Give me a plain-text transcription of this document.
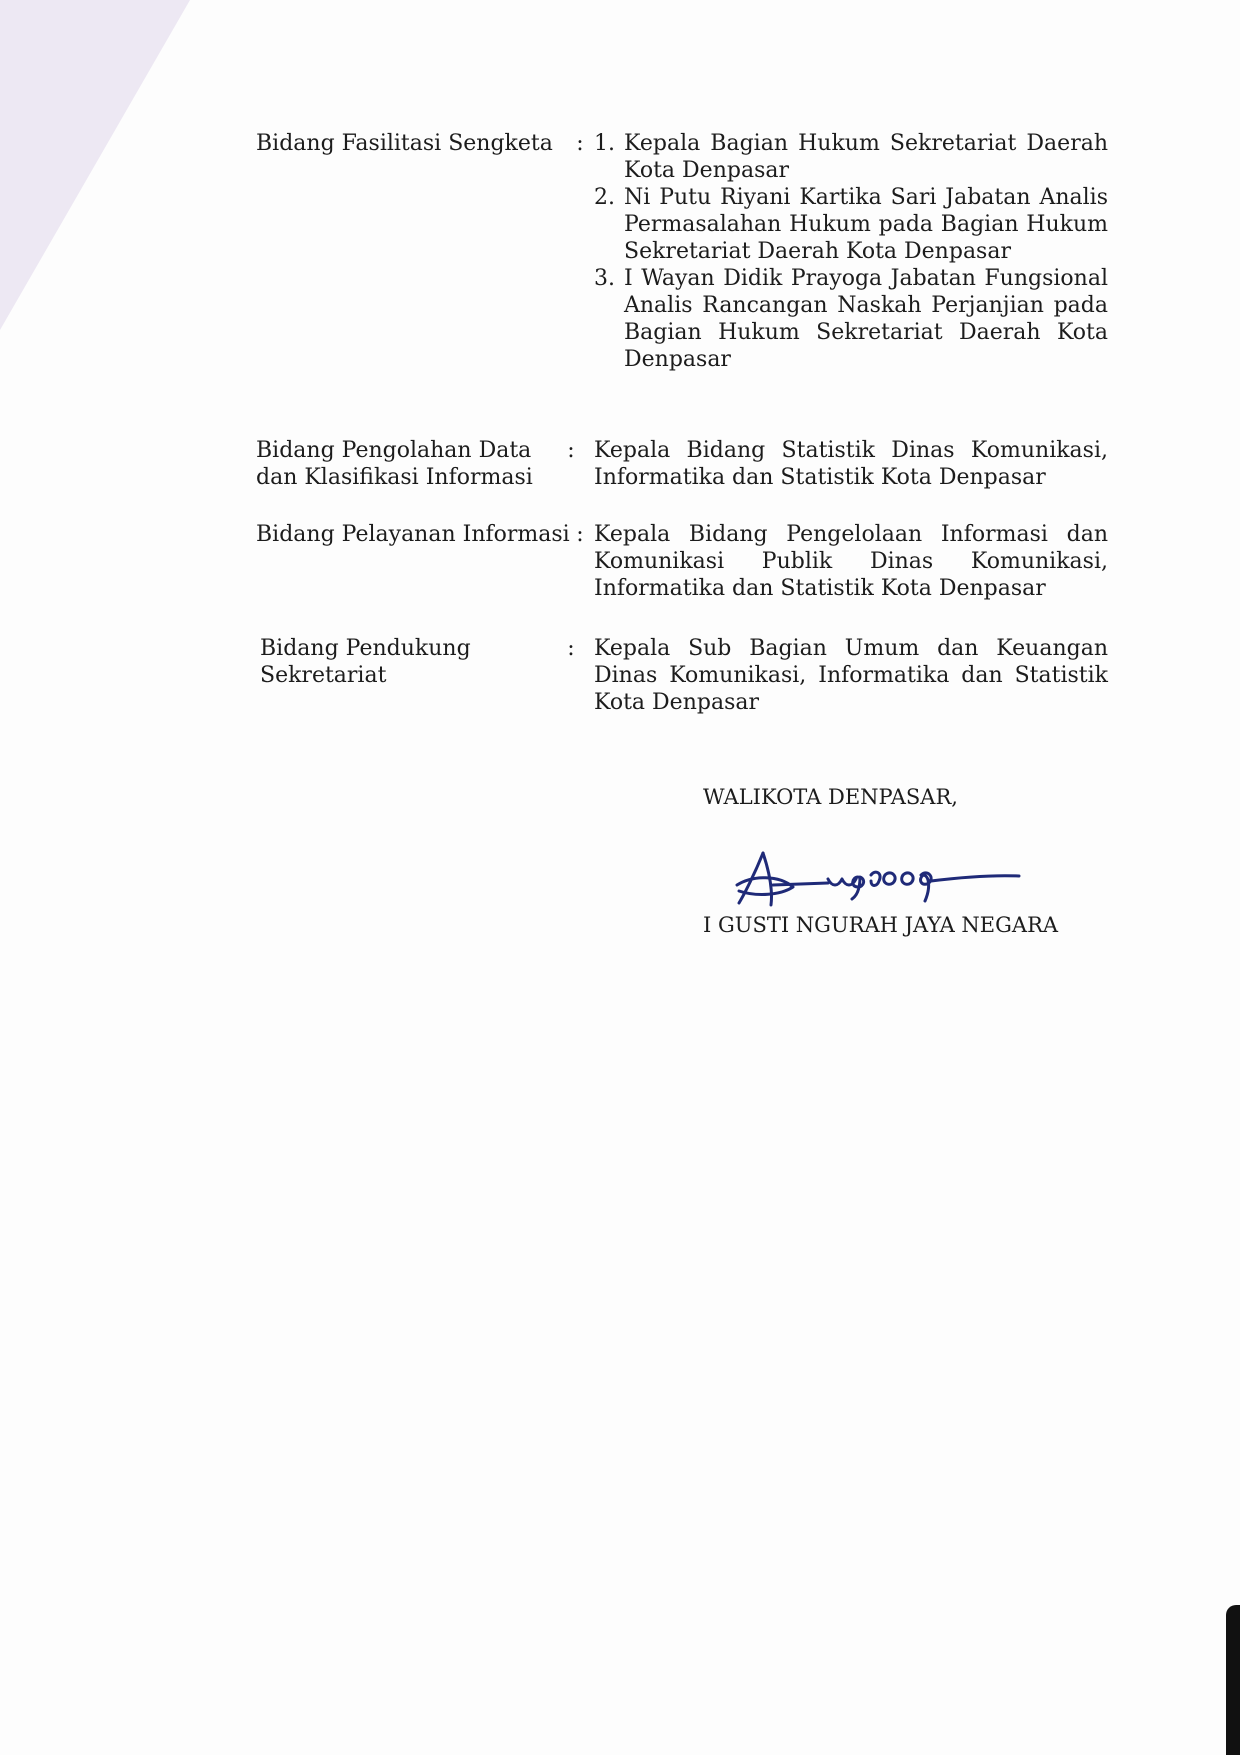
Bidang Fasilitasi Sengketa	: 1. Kepala Bagian Hukum Sekretariat Daerah Kota Denpasar
2. Ni Putu Riyani Kartika Sari Jabatan Analis Permasalahan Hukum pada Bagian Hukum Sekretariat Daerah Kota Denpasar
3. I Wayan Didik Prayoga Jabatan Fungsional Analis Rancangan Naskah Perjanjian pada Bagian Hukum Sekretariat Daerah Kota Denpasar
Bidang Pengolahan Data dan Klasifikasi Informasi
: Kepala Bidang Statistik Dinas Komunikasi, Informatika dan Statistik Kota Denpasar
Bidang Pelayanan Informasi : Kepala Bidang Pengelolaan Informasi dan Komunikasi Publik Dinas Komunikasi, Informatika dan Statistik Kota Denpasar
Bidang Pendukung Sekretariat
: Kepala Sub Bagian Umum dan Keuangan Dinas Komunikasi, Informatika dan Statistik Kota Denpasar
WALIKOTA DENPASAR,
I GUSTI NGURAH JAYA NEGARA
